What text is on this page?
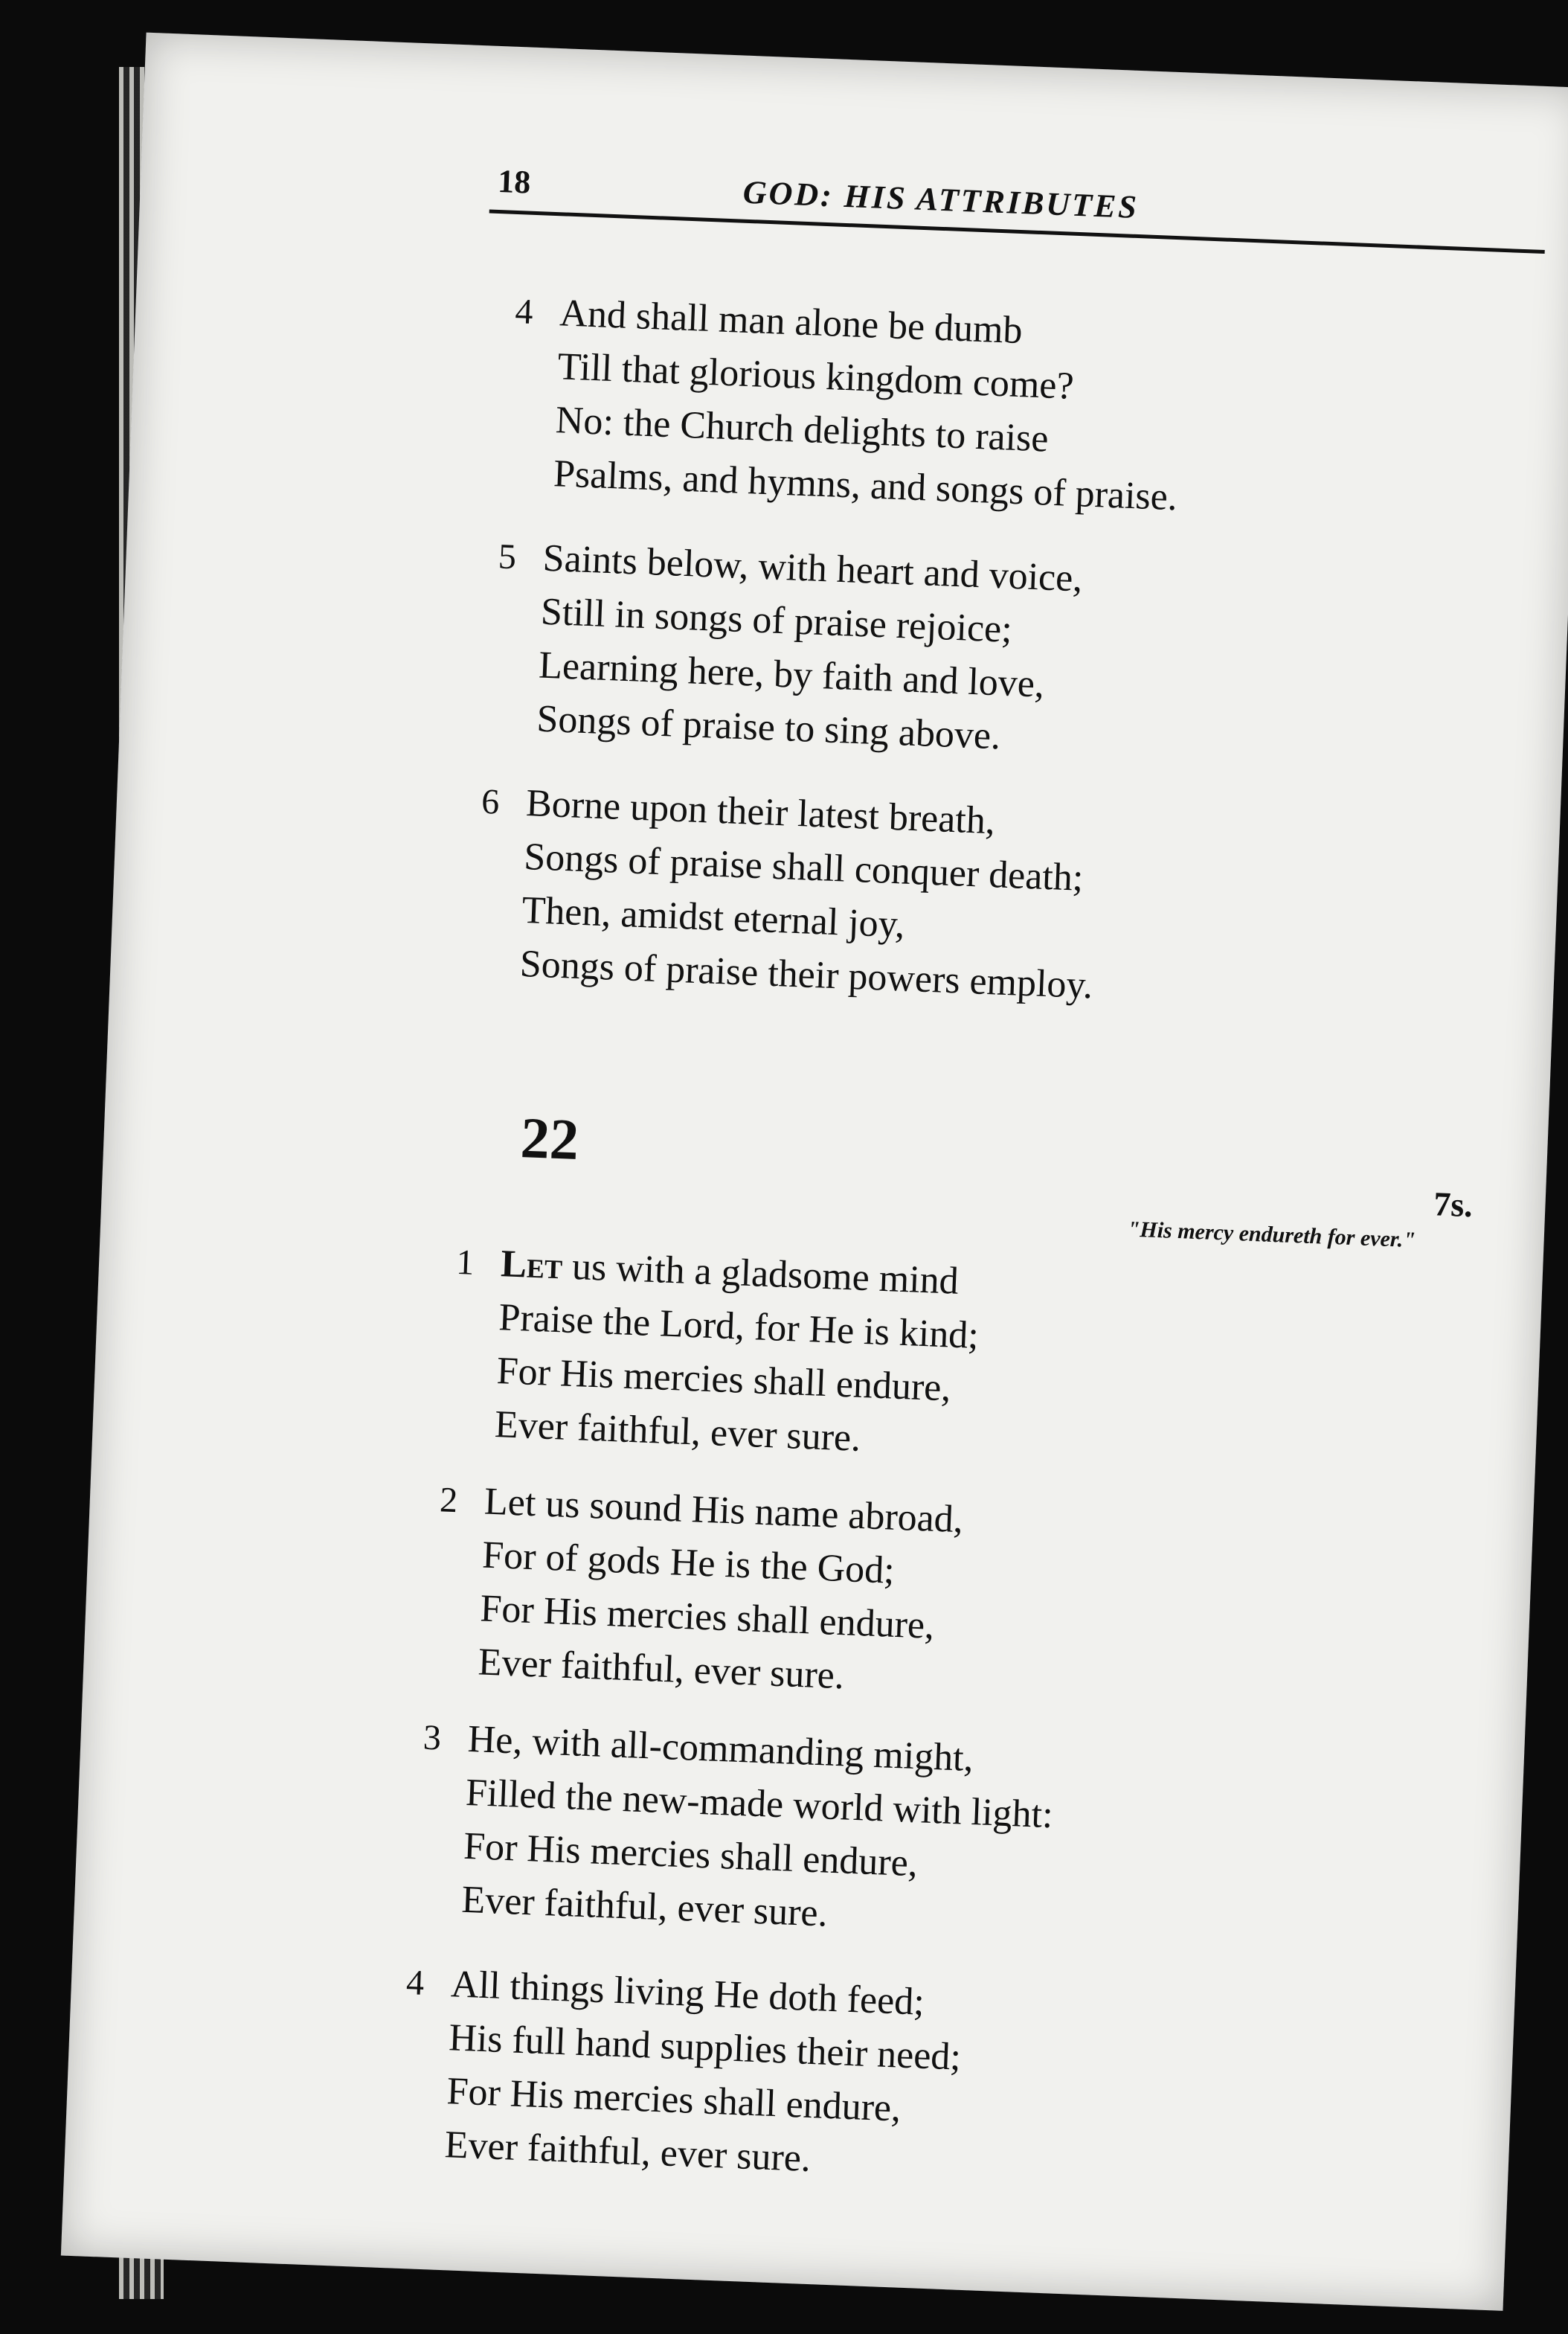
18	GOD: HIS ATTRIBUTES
4 And shall man alone be dumb
Till that glorious kingdom come?
No: the Church delights to raise
Psalms, and hymns, and songs of praise.
5 Saints below, with heart and voice,
Still in songs of praise rejoice;
Learning here, by faith and love,
Songs of praise to sing above.
6 Borne upon their latest breath,
Songs of praise shall conquer death;
Then, amidst eternal joy,
Songs of praise their powers employ.
22
7s.
"His mercy endureth for ever."
1 Let us with a gladsome mind
Praise the Lord, for He is kind;
For His mercies shall endure,
Ever faithful, ever sure.
2 Let us sound His name abroad,
For of gods He is the God;
For His mercies shall endure,
Ever faithful, ever sure.
3 He, with all-commanding might,
Filled the new-made world with light:
For His mercies shall endure,
Ever faithful, ever sure.
4 All things living He doth feed;
His full hand supplies their need;
For His mercies shall endure,
Ever faithful, ever sure.
